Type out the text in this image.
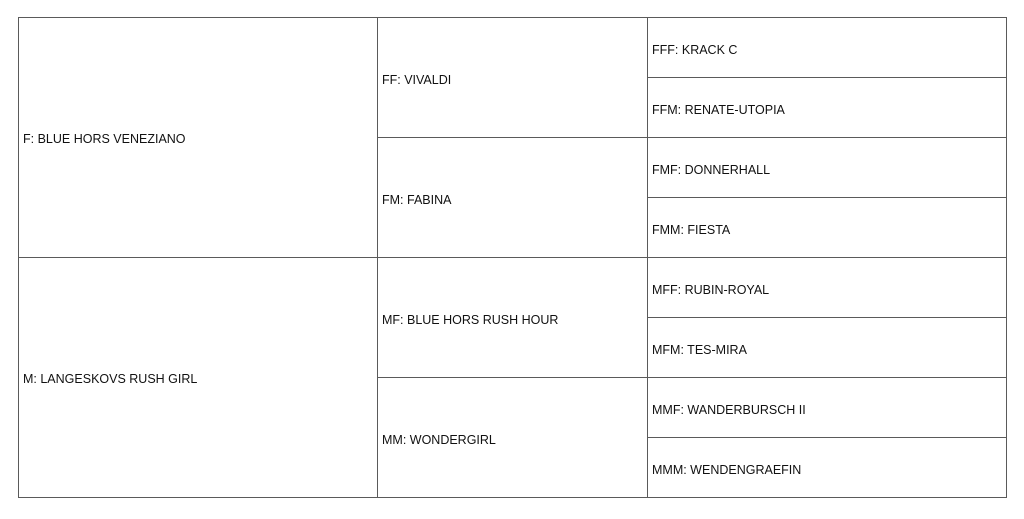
F: BLUE HORS VENEZIANO	FF: VIVALDI	FFF: KRACK C
		FFM: RENATE-UTOPIA
	FM: FABINA	FMF: DONNERHALL
		FMM: FIESTA
M: LANGESKOVS RUSH GIRL	MF: BLUE HORS RUSH HOUR	MFF: RUBIN-ROYAL
		MFM: TES-MIRA
	MM: WONDERGIRL	MMF: WANDERBURSCH II
		MMM: WENDENGRAEFIN
